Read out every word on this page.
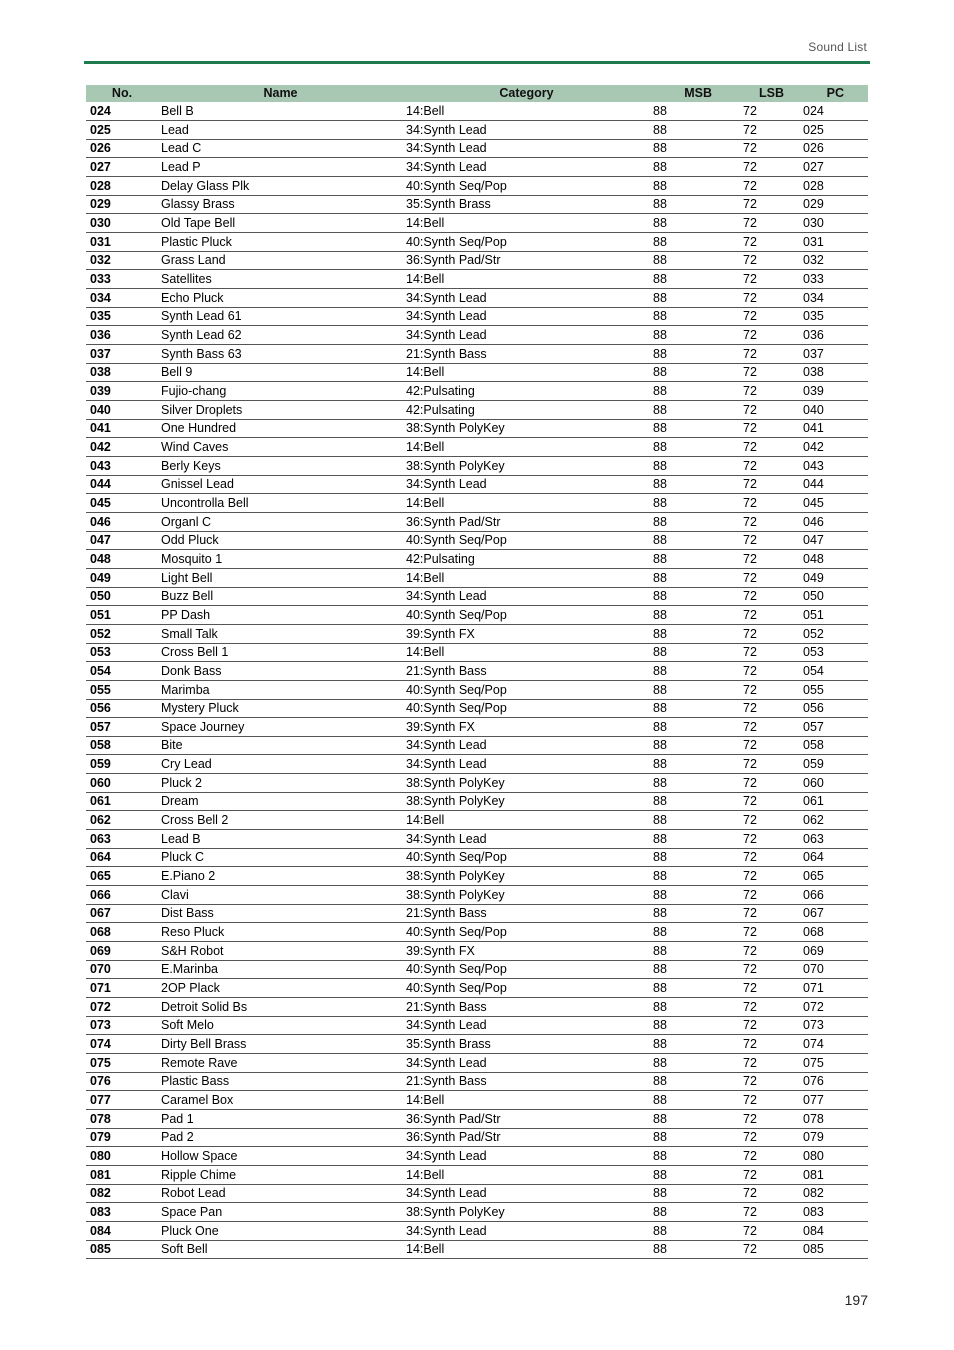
Sound List
No.	Name	Category	MSB	LSB	PC
024	Bell B	14:Bell	88	72	024
025	Lead	34:Synth Lead	88	72	025
026	Lead C	34:Synth Lead	88	72	026
027	Lead P	34:Synth Lead	88	72	027
028	Delay Glass Plk	40:Synth Seq/Pop	88	72	028
029	Glassy Brass	35:Synth Brass	88	72	029
030	Old Tape Bell	14:Bell	88	72	030
031	Plastic Pluck	40:Synth Seq/Pop	88	72	031
032	Grass Land	36:Synth Pad/Str	88	72	032
033	Satellites	14:Bell	88	72	033
034	Echo Pluck	34:Synth Lead	88	72	034
035	Synth Lead 61	34:Synth Lead	88	72	035
036	Synth Lead 62	34:Synth Lead	88	72	036
037	Synth Bass 63	21:Synth Bass	88	72	037
038	Bell 9	14:Bell	88	72	038
039	Fujio-chang	42:Pulsating	88	72	039
040	Silver Droplets	42:Pulsating	88	72	040
041	One Hundred	38:Synth PolyKey	88	72	041
042	Wind Caves	14:Bell	88	72	042
043	Berly Keys	38:Synth PolyKey	88	72	043
044	Gnissel Lead	34:Synth Lead	88	72	044
045	Uncontrolla Bell	14:Bell	88	72	045
046	Organl C	36:Synth Pad/Str	88	72	046
047	Odd Pluck	40:Synth Seq/Pop	88	72	047
048	Mosquito 1	42:Pulsating	88	72	048
049	Light Bell	14:Bell	88	72	049
050	Buzz Bell	34:Synth Lead	88	72	050
051	PP Dash	40:Synth Seq/Pop	88	72	051
052	Small Talk	39:Synth FX	88	72	052
053	Cross Bell 1	14:Bell	88	72	053
054	Donk Bass	21:Synth Bass	88	72	054
055	Marimba	40:Synth Seq/Pop	88	72	055
056	Mystery Pluck	40:Synth Seq/Pop	88	72	056
057	Space Journey	39:Synth FX	88	72	057
058	Bite	34:Synth Lead	88	72	058
059	Cry Lead	34:Synth Lead	88	72	059
060	Pluck 2	38:Synth PolyKey	88	72	060
061	Dream	38:Synth PolyKey	88	72	061
062	Cross Bell 2	14:Bell	88	72	062
063	Lead B	34:Synth Lead	88	72	063
064	Pluck C	40:Synth Seq/Pop	88	72	064
065	E.Piano 2	38:Synth PolyKey	88	72	065
066	Clavi	38:Synth PolyKey	88	72	066
067	Dist Bass	21:Synth Bass	88	72	067
068	Reso Pluck	40:Synth Seq/Pop	88	72	068
069	S&H Robot	39:Synth FX	88	72	069
070	E.Marinba	40:Synth Seq/Pop	88	72	070
071	2OP Plack	40:Synth Seq/Pop	88	72	071
072	Detroit Solid Bs	21:Synth Bass	88	72	072
073	Soft Melo	34:Synth Lead	88	72	073
074	Dirty Bell Brass	35:Synth Brass	88	72	074
075	Remote Rave	34:Synth Lead	88	72	075
076	Plastic Bass	21:Synth Bass	88	72	076
077	Caramel Box	14:Bell	88	72	077
078	Pad 1	36:Synth Pad/Str	88	72	078
079	Pad 2	36:Synth Pad/Str	88	72	079
080	Hollow Space	34:Synth Lead	88	72	080
081	Ripple Chime	14:Bell	88	72	081
082	Robot Lead	34:Synth Lead	88	72	082
083	Space Pan	38:Synth PolyKey	88	72	083
084	Pluck One	34:Synth Lead	88	72	084
085	Soft Bell	14:Bell	88	72	085
197
